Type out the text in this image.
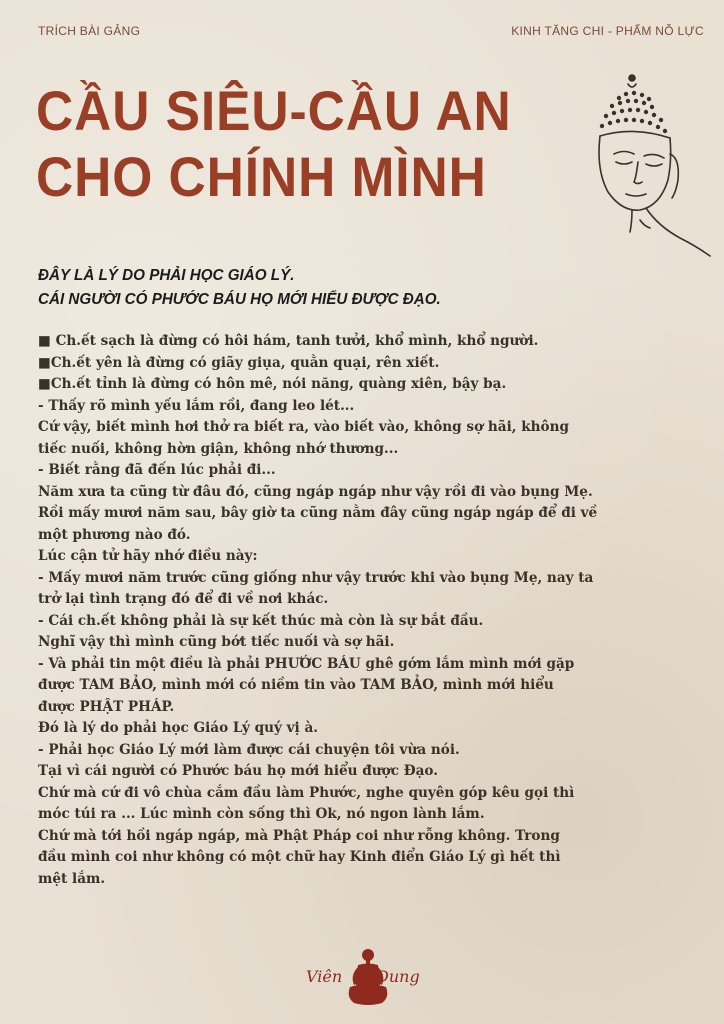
TRÍCH BÀI GẢNG	KINH TĂNG CHI - PHẨM NỖ LỰC
CẦU SIÊU-CẦU AN
CHO CHÍNH MÌNH
ĐÂY LÀ LÝ DO PHẢI HỌC GIÁO LÝ.
CÁI NGƯỜI CÓ PHƯỚC BÁU HỌ MỚI HIỂU ĐƯỢC ĐẠO.

■ Ch.ết sạch là đừng có hôi hám, tanh tưởi, khổ mình, khổ người.

■Ch.ết yên là đừng có giãy giụa, quằn quại, rên xiết.

■Ch.ết tỉnh là đừng có hôn mê, nói năng, quàng xiên, bậy bạ.

- Thấy rõ mình yếu lắm rồi, đang leo lét...

Cứ vậy, biết mình hơi thở ra biết ra, vào biết vào, không sợ hãi, không

tiếc nuối, không hờn giận, không nhớ thương...

- Biết rằng đã đến lúc phải đi...

Năm xưa ta cũng từ đâu đó, cũng ngáp ngáp như vậy rồi đi vào bụng Mẹ.

Rồi mấy mươi năm sau, bây giờ ta cũng nằm đây cũng ngáp ngáp để đi về

một phương nào đó.

Lúc cận tử hãy nhớ điều này:

- Mấy mươi năm trước cũng giống như vậy trước khi vào bụng Mẹ, nay ta

trở lại tình trạng đó để đi về nơi khác.

- Cái ch.ết không phải là sự kết thúc mà còn là sự bắt đầu.

Nghĩ vậy thì mình cũng bớt tiếc nuối và sợ hãi.

- Và phải tin một điều là phải PHƯỚC BÁU ghê gớm lắm mình mới gặp

được TAM BẢO, mình mới có niềm tin vào TAM BẢO, mình mới hiểu

được PHẬT PHÁP.

Đó là lý do phải học Giáo Lý quý vị à.

- Phải học Giáo Lý mới làm được cái chuyện tôi vừa nói.

Tại vì cái người có Phước báu họ mới hiểu được Đạo.

Chứ mà cứ đi vô chùa cắm đầu làm Phước, nghe quyên góp kêu gọi thì

móc túi ra ... Lúc mình còn sống thì Ok, nó ngon lành lắm.

Chứ mà tới hồi ngáp ngáp, mà Phật Pháp coi như rỗng không. Trong

đầu mình coi như không có một chữ hay Kinh điển Giáo Lý gì hết thì

mệt lắm.

Viên Dung
